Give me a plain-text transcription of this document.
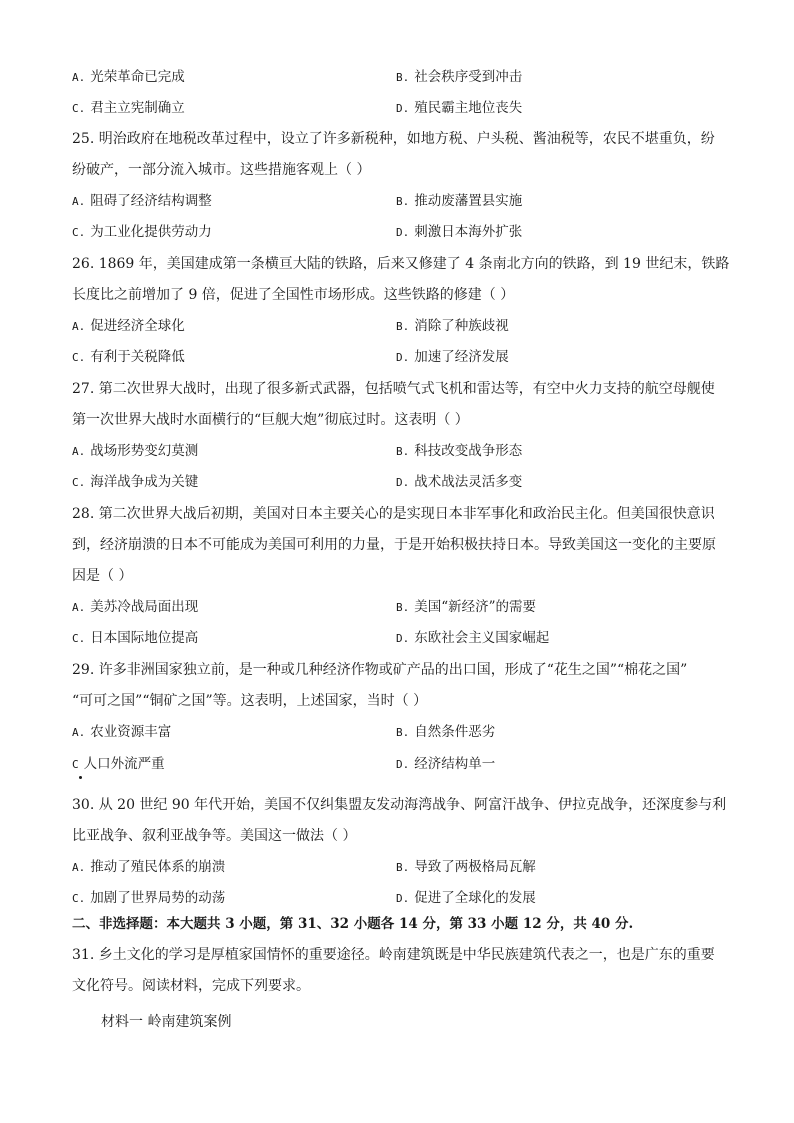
A. 光荣革命已完成	B. 社会秩序受到冲击
C. 君主立宪制确立	D. 殖民霸主地位丧失
25. 明治政府在地税改革过程中，设立了许多新税种，如地方税、户头税、酱油税等，农民不堪重负，纷
纷破产，一部分流入城市。这些措施客观上（ ）
A. 阻碍了经济结构调整	B. 推动废藩置县实施
C. 为工业化提供劳动力	D. 刺激日本海外扩张
26. 1869 年，美国建成第一条横亘大陆的铁路，后来又修建了 4 条南北方向的铁路，到 19 世纪末，铁路
长度比之前增加了 9 倍，促进了全国性市场形成。这些铁路的修建（ ）
A. 促进经济全球化	B. 消除了种族歧视
C. 有利于关税降低	D. 加速了经济发展
27. 第二次世界大战时，出现了很多新式武器，包括喷气式飞机和雷达等，有空中火力支持的航空母舰使
第一次世界大战时水面横行的“巨舰大炮”彻底过时。这表明（ ）
A. 战场形势变幻莫测	B. 科技改变战争形态
C. 海洋战争成为关键	D. 战术战法灵活多变
28. 第二次世界大战后初期，美国对日本主要关心的是实现日本非军事化和政治民主化。但美国很快意识
到，经济崩溃的日本不可能成为美国可利用的力量，于是开始积极扶持日本。导致美国这一变化的主要原
因是（ ）
A. 美苏冷战局面出现	B. 美国“新经济”的需要
C. 日本国际地位提高	D. 东欧社会主义国家崛起
29. 许多非洲国家独立前，是一种或几种经济作物或矿产品的出口国，形成了“花生之国”“棉花之国”
“可可之国”“铜矿之国”等。这表明，上述国家，当时（ ）
A. 农业资源丰富	B. 自然条件恶劣
C 人口外流严重	D. 经济结构单一
30. 从 20 世纪 90 年代开始，美国不仅纠集盟友发动海湾战争、阿富汗战争、伊拉克战争，还深度参与利
比亚战争、叙利亚战争等。美国这一做法（ ）
A. 推动了殖民体系的崩溃	B. 导致了两极格局瓦解
C. 加剧了世界局势的动荡	D. 促进了全球化的发展
二、非选择题：本大题共 3 小题，第 31、32 小题各 14 分，第 33 小题 12 分，共 40 分.
31. 乡土文化的学习是厚植家国情怀的重要途径。岭南建筑既是中华民族建筑代表之一，也是广东的重要
文化符号。阅读材料，完成下列要求。
材料一 岭南建筑案例
